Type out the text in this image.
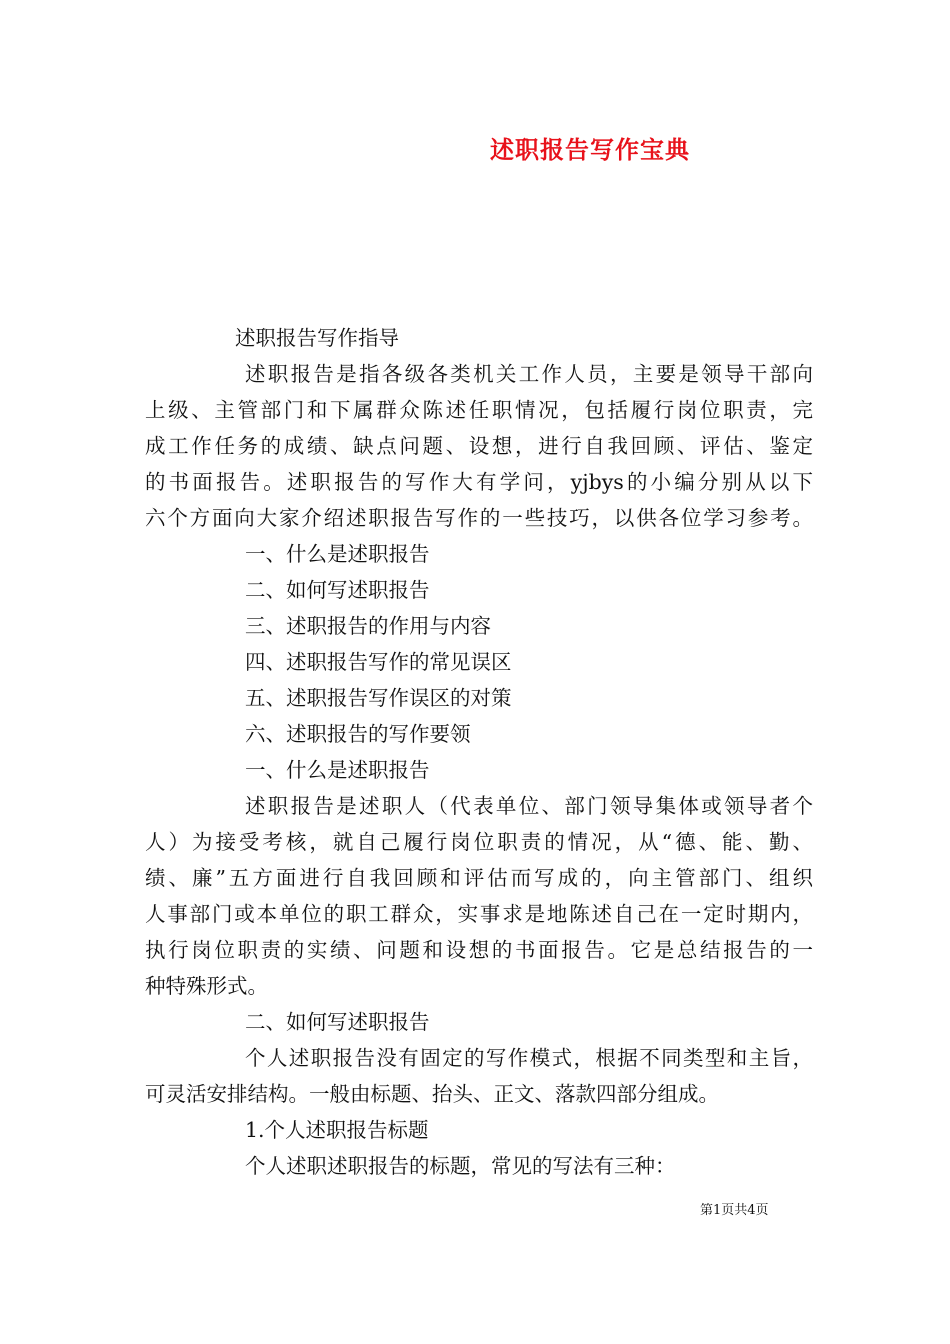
述职报告写作宝典
述职报告写作指导
述职报告是指各级各类机关工作人员，主要是领导干部向
上级、主管部门和下属群众陈述任职情况，包括履行岗位职责，完
成工作任务的成绩、缺点问题、设想，进行自我回顾、评估、鉴定
的书面报告。述职报告的写作大有学问，yjbys的小编分别从以下
六个方面向大家介绍述职报告写作的一些技巧，以供各位学习参考。
一、什么是述职报告
二、如何写述职报告
三、述职报告的作用与内容
四、述职报告写作的常见误区
五、述职报告写作误区的对策
六、述职报告的写作要领
一、什么是述职报告
述职报告是述职人（代表单位、部门领导集体或领导者个
人）为接受考核，就自己履行岗位职责的情况，从“德、能、勤、
绩、廉”五方面进行自我回顾和评估而写成的，向主管部门、组织
人事部门或本单位的职工群众，实事求是地陈述自己在一定时期内，
执行岗位职责的实绩、问题和设想的书面报告。它是总结报告的一
种特殊形式。
二、如何写述职报告
个人述职报告没有固定的写作模式，根据不同类型和主旨，
可灵活安排结构。一般由标题、抬头、正文、落款四部分组成。
1.个人述职报告标题
个人述职述职报告的标题，常见的写法有三种：
第1页共4页
